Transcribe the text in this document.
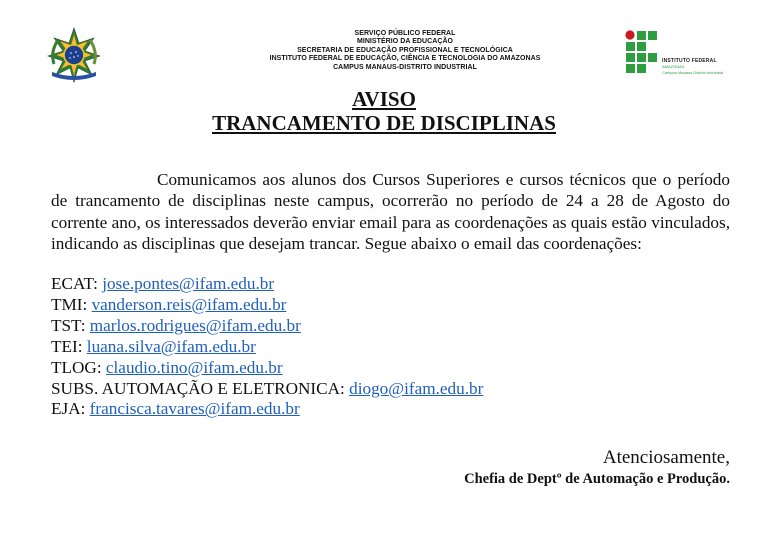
SERVIÇO PÚBLICO FEDERAL
MINISTÉRIO DA EDUCAÇÃO
SECRETARIA DE EDUCAÇÃO PROFISSIONAL E TECNOLÓGICA
INSTITUTO FEDERAL DE EDUCAÇÃO, CIÊNCIA E TECNOLOGIA DO AMAZONAS
CAMPUS MANAUS-DISTRITO INDUSTRIAL
INSTITUTO FEDERAL
AMAZONAS
Campus Manaus Distrito Industrial
AVISO
TRANCAMENTO DE DISCIPLINAS
Comunicamos aos alunos dos Cursos Superiores e cursos técnicos que o período de trancamento de disciplinas neste campus, ocorrerão no período de 24 a 28 de Agosto do corrente ano, os interessados deverão enviar email para as coordenações as quais estão vinculados, indicando as disciplinas que desejam trancar. Segue abaixo o email das coordenações:
ECAT: jose.pontes@ifam.edu.br
TMI: vanderson.reis@ifam.edu.br
TST: marlos.rodrigues@ifam.edu.br
TEI: luana.silva@ifam.edu.br
TLOG: claudio.tino@ifam.edu.br
SUBS. AUTOMAÇÃO E ELETRONICA: diogo@ifam.edu.br
EJA: francisca.tavares@ifam.edu.br
Atenciosamente,
Chefia de Deptº de Automação e Produção.
